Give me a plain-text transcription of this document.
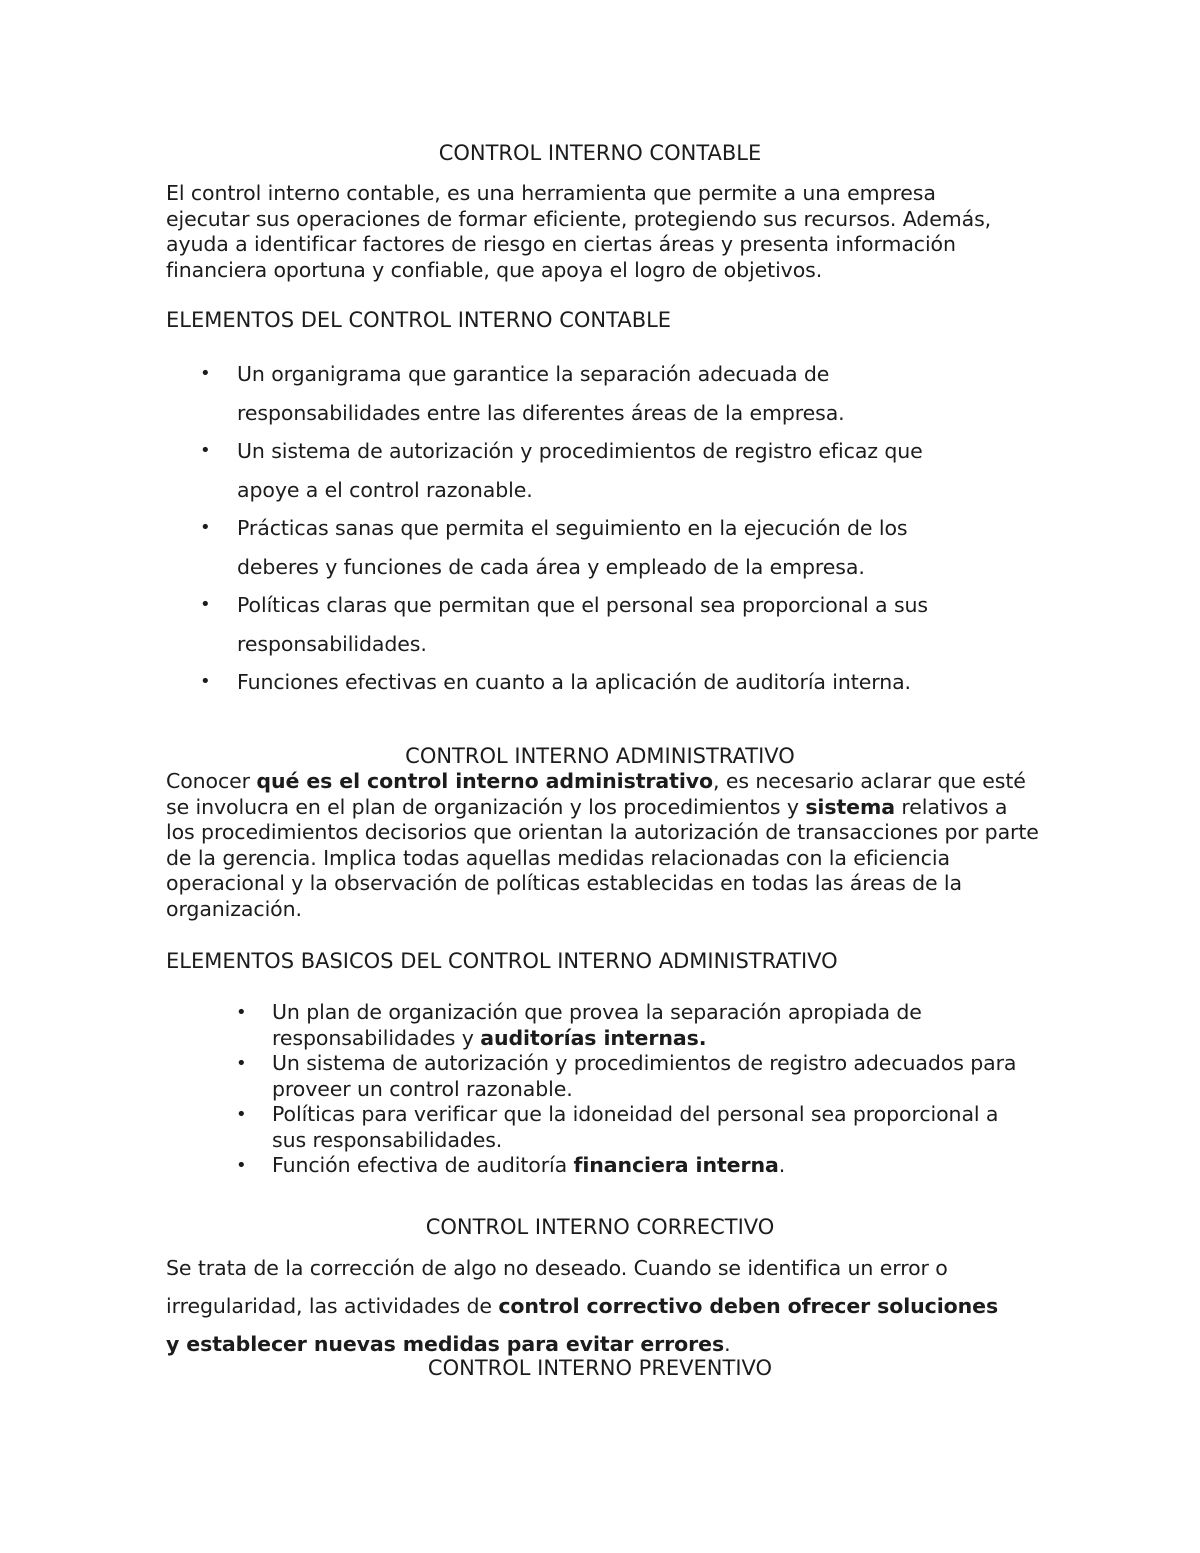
CONTROL INTERNO CONTABLE
El control interno contable, es una herramienta que permite a una empresa ejecutar sus operaciones de formar eficiente, protegiendo sus recursos. Además, ayuda a identificar factores de riesgo en ciertas áreas y presenta información financiera oportuna y confiable, que apoya el logro de objetivos.
ELEMENTOS DEL CONTROL INTERNO CONTABLE
• Un organigrama que garantice la separación adecuada de responsabilidades entre las diferentes áreas de la empresa.
• Un sistema de autorización y procedimientos de registro eficaz que apoye a el control razonable.
• Prácticas sanas que permita el seguimiento en la ejecución de los deberes y funciones de cada área y empleado de la empresa.
• Políticas claras que permitan que el personal sea proporcional a sus responsabilidades.
• Funciones efectivas en cuanto a la aplicación de auditoría interna.
CONTROL INTERNO ADMINISTRATIVO
Conocer qué es el control interno administrativo, es necesario aclarar que esté se involucra en el plan de organización y los procedimientos y sistema relativos a los procedimientos decisorios que orientan la autorización de transacciones por parte de la gerencia. Implica todas aquellas medidas relacionadas con la eficiencia operacional y la observación de políticas establecidas en todas las áreas de la organización.
ELEMENTOS BASICOS DEL CONTROL INTERNO ADMINISTRATIVO
• Un plan de organización que provea la separación apropiada de responsabilidades y auditorías internas.
• Un sistema de autorización y procedimientos de registro adecuados para proveer un control razonable.
• Políticas para verificar que la idoneidad del personal sea proporcional a sus responsabilidades.
• Función efectiva de auditoría financiera interna.
CONTROL INTERNO CORRECTIVO
Se trata de la corrección de algo no deseado. Cuando se identifica un error o irregularidad, las actividades de control correctivo deben ofrecer soluciones y establecer nuevas medidas para evitar errores.
CONTROL INTERNO PREVENTIVO
